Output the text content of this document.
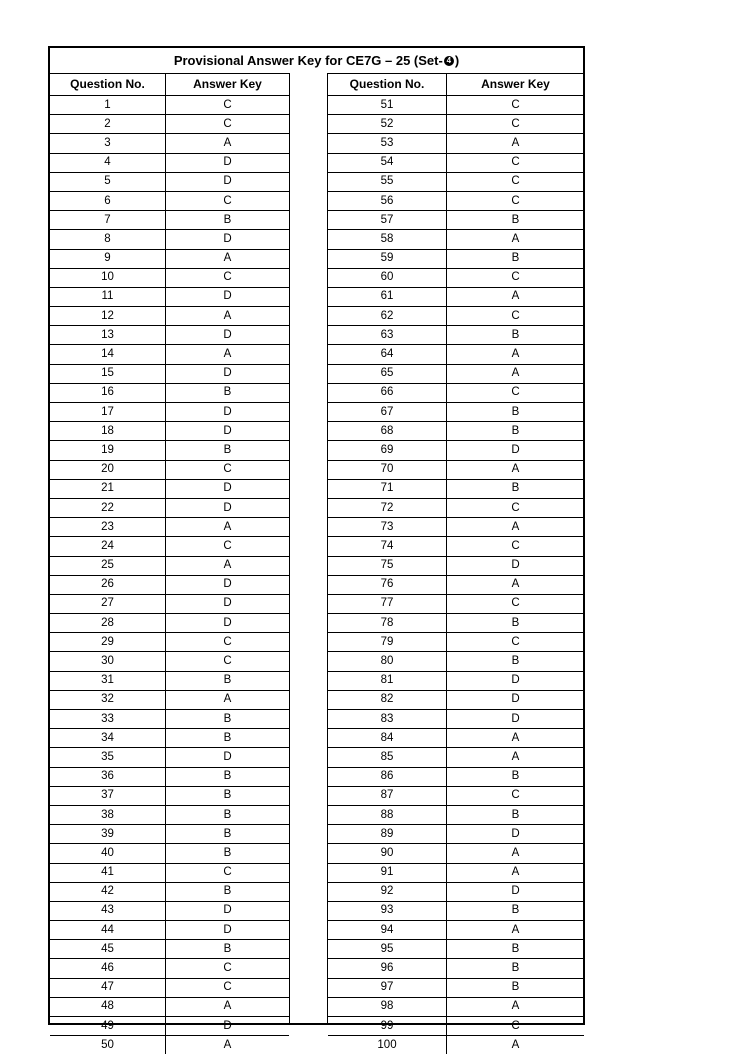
Provisional Answer Key for CE7G – 25 (Set- 4 )
Question No.	Answer Key
1	C
2	C
3	A
4	D
5	D
6	C
7	B
8	D
9	A
10	C
11	D
12	A
13	D
14	A
15	D
16	B
17	D
18	D
19	B
20	C
21	D
22	D
23	A
24	C
25	A
26	D
27	D
28	D
29	C
30	C
31	B
32	A
33	B
34	B
35	D
36	B
37	B
38	B
39	B
40	B
41	C
42	B
43	D
44	D
45	B
46	C
47	C
48	A
49	D
50	A
Question No.	Answer Key
51	C
52	C
53	A
54	C
55	C
56	C
57	B
58	A
59	B
60	C
61	A
62	C
63	B
64	A
65	A
66	C
67	B
68	B
69	D
70	A
71	B
72	C
73	A
74	C
75	D
76	A
77	C
78	B
79	C
80	B
81	D
82	D
83	D
84	A
85	A
86	B
87	C
88	B
89	D
90	A
91	A
92	D
93	B
94	A
95	B
96	B
97	B
98	A
99	C
100	A
